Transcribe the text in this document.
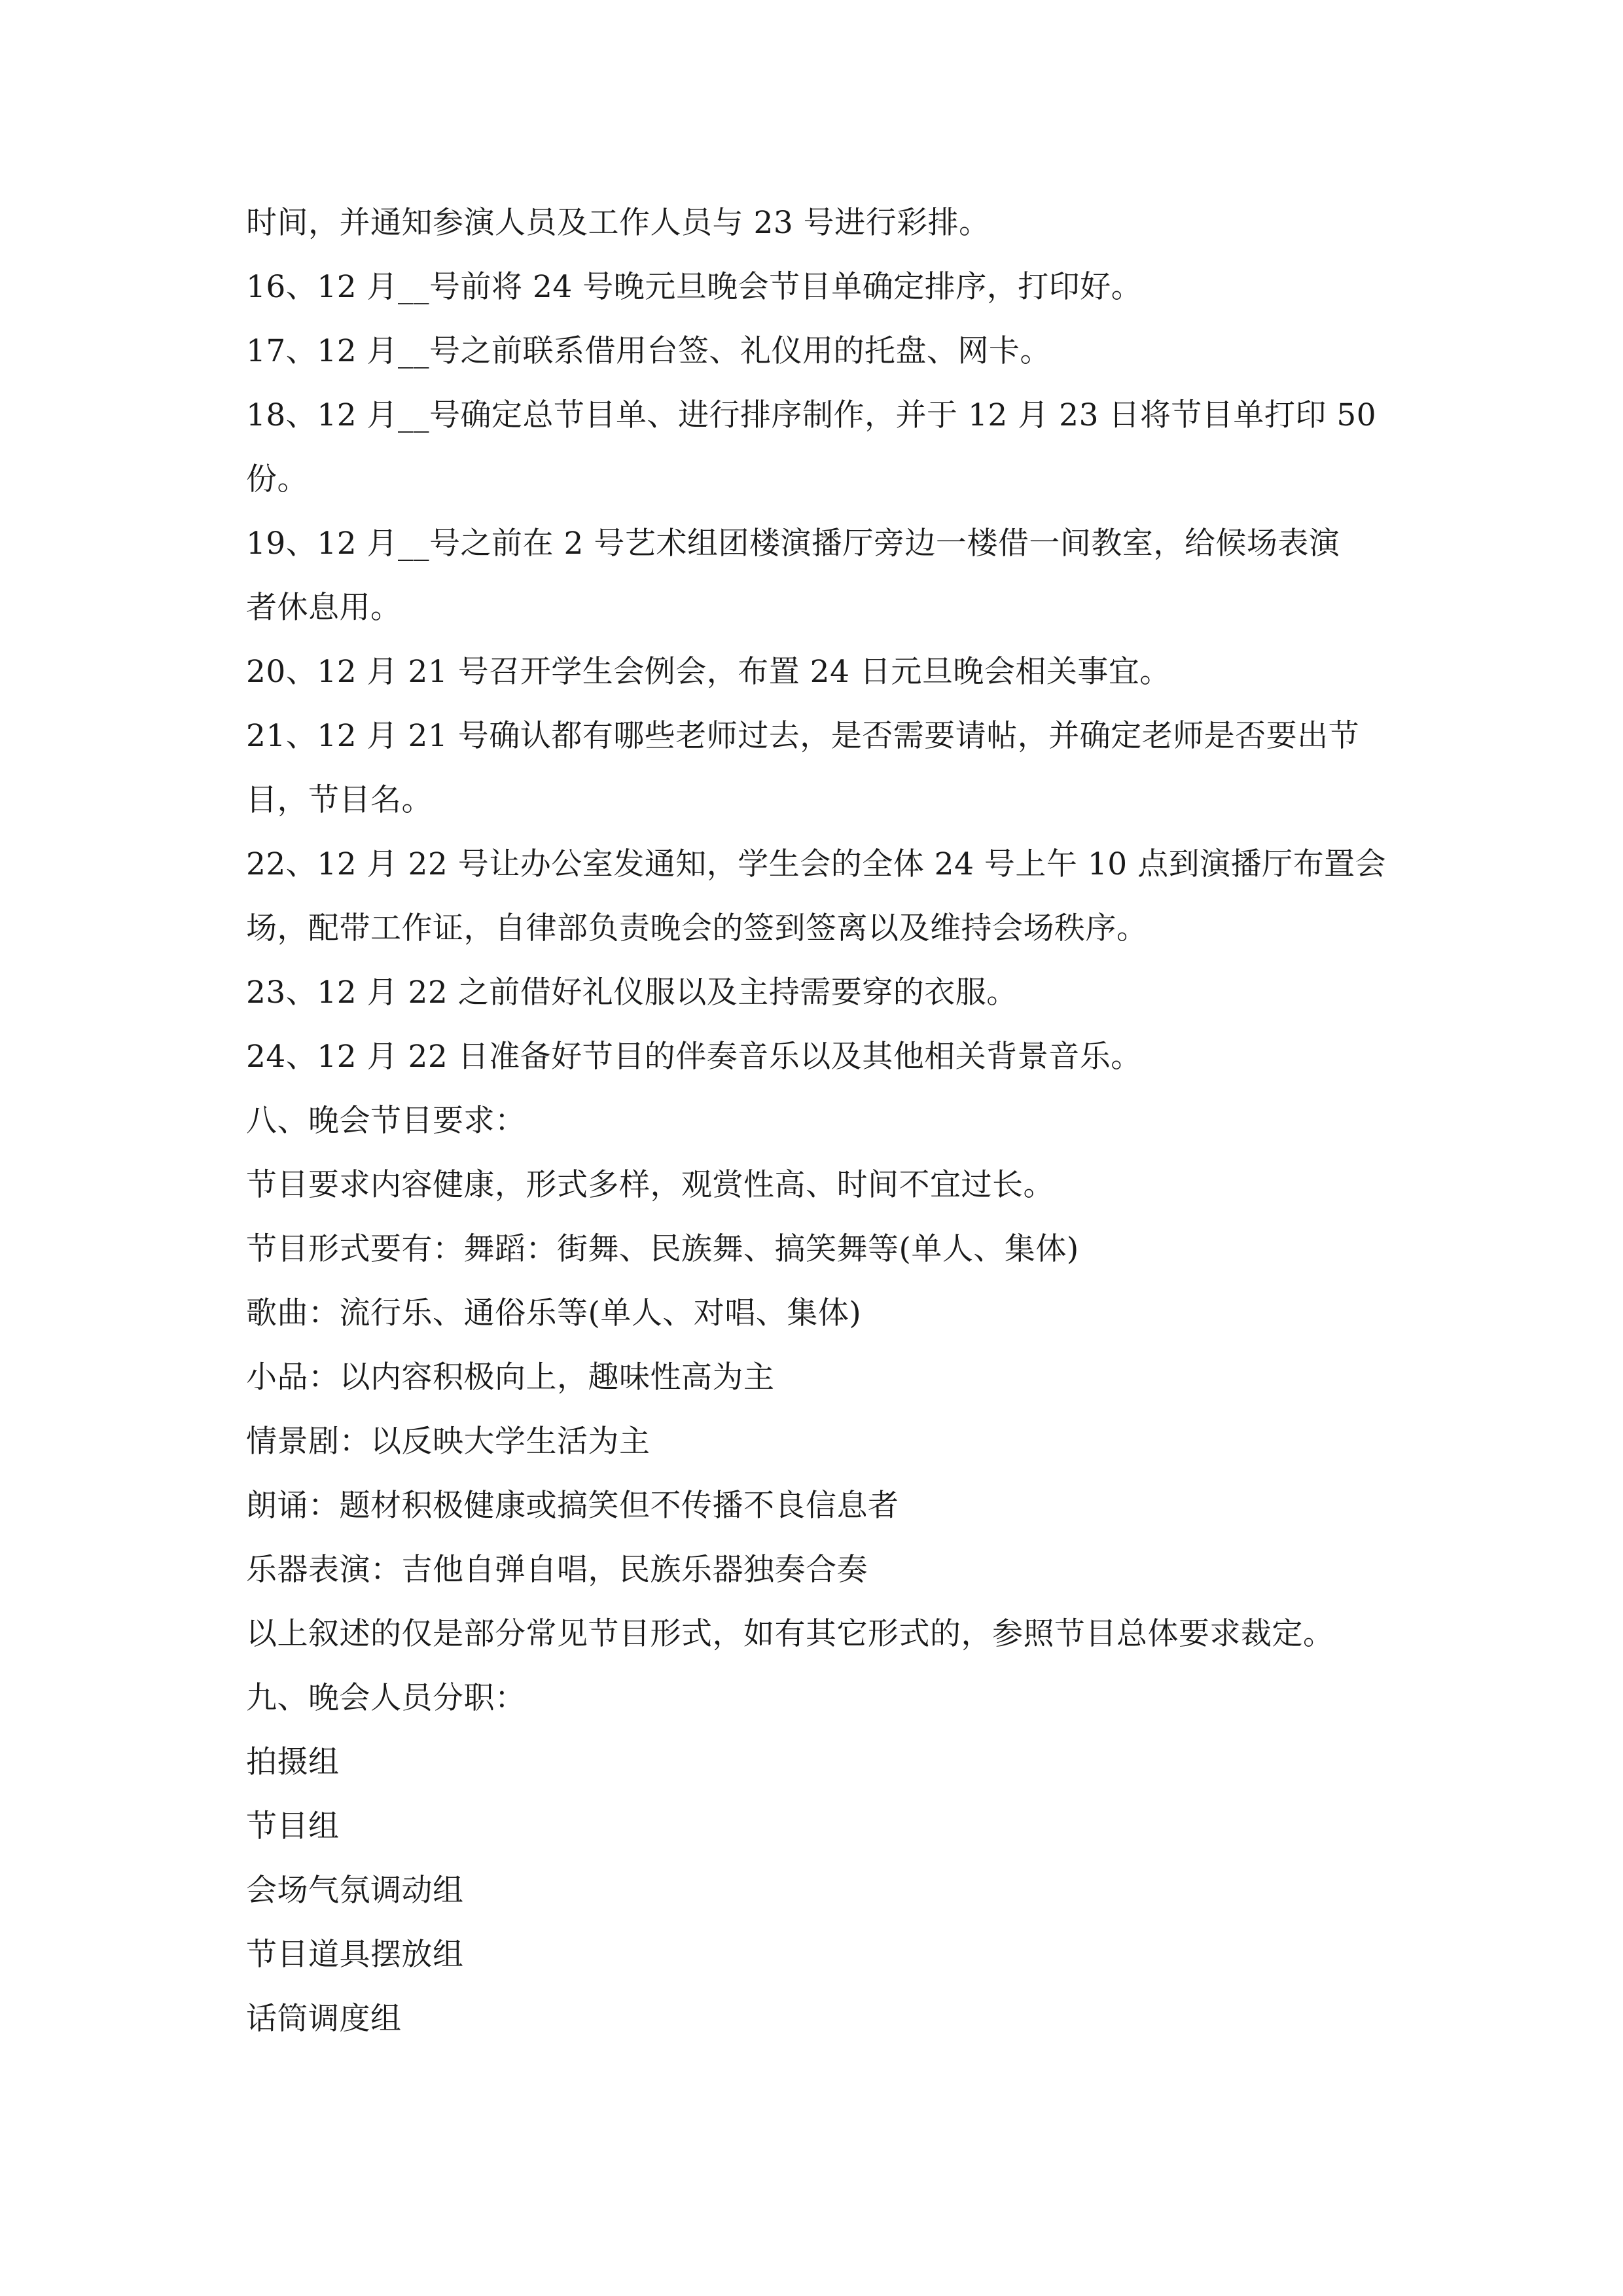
时间，并通知参演人员及工作人员与 23 号进行彩排。
16、12 月__号前将 24 号晚元旦晚会节目单确定排序，打印好。
17、12 月__号之前联系借用台签、礼仪用的托盘、网卡。
18、12 月__号确定总节目单、进行排序制作，并于 12 月 23 日将节目单打印 50
份。
19、12 月__号之前在 2 号艺术组团楼演播厅旁边一楼借一间教室，给候场表演
者休息用。
20、12 月 21 号召开学生会例会，布置 24 日元旦晚会相关事宜。
21、12 月 21 号确认都有哪些老师过去，是否需要请帖，并确定老师是否要出节
目，节目名。
22、12 月 22 号让办公室发通知，学生会的全体 24 号上午 10 点到演播厅布置会
场，配带工作证，自律部负责晚会的签到签离以及维持会场秩序。
23、12 月 22 之前借好礼仪服以及主持需要穿的衣服。
24、12 月 22 日准备好节目的伴奏音乐以及其他相关背景音乐。
八、晚会节目要求：
节目要求内容健康，形式多样，观赏性高、时间不宜过长。
节目形式要有：舞蹈：街舞、民族舞、搞笑舞等(单人、集体)
歌曲：流行乐、通俗乐等(单人、对唱、集体)
小品：以内容积极向上，趣味性高为主
情景剧：以反映大学生活为主
朗诵：题材积极健康或搞笑但不传播不良信息者
乐器表演：吉他自弹自唱，民族乐器独奏合奏
以上叙述的仅是部分常见节目形式，如有其它形式的，参照节目总体要求裁定。
九、晚会人员分职：
拍摄组
节目组
会场气氛调动组
节目道具摆放组
话筒调度组
